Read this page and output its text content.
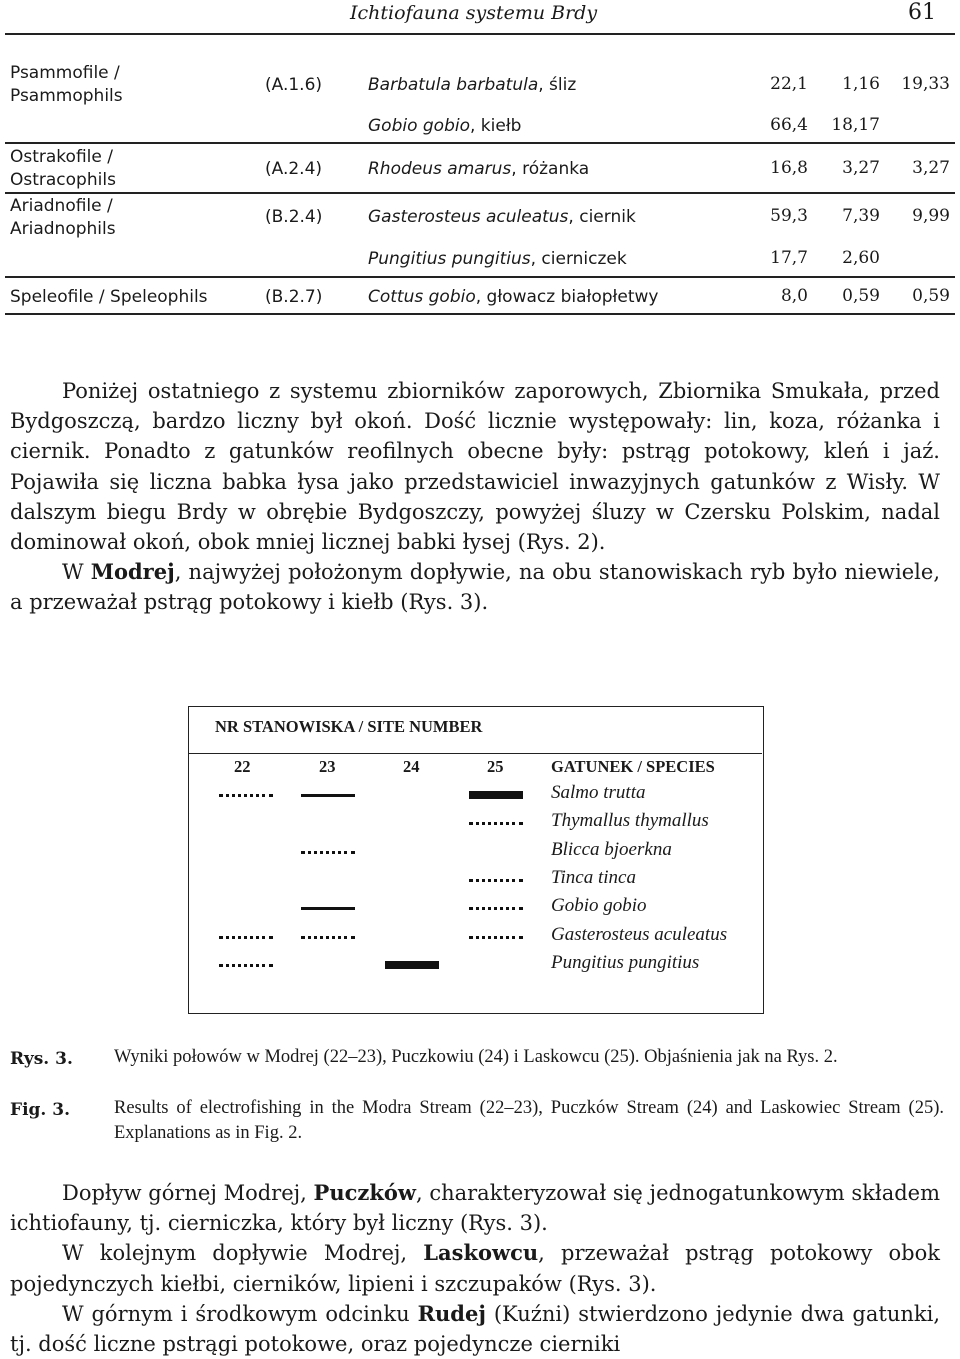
Ichtiofauna systemu Brdy	61
Psammofile /
Psammophils
(A.1.6)	Barbatula barbatula, śliz	22,1	1,16	19,33
Gobio gobio, kiełb	66,4	18,17
Ostrakofile /
Ostracophils
(A.2.4)	Rhodeus amarus, różanka	16,8	3,27	3,27
Ariadnofile /
Ariadnophils
(B.2.4)	Gasterosteus aculeatus, ciernik	59,3	7,39	9,99
Pungitius pungitius, cierniczek	17,7	2,60
Speleofile / Speleophils	(B.2.7)	Cottus gobio, głowacz białopłetwy	8,0	0,59	0,59

Poniżej ostatniego z systemu zbiorników zaporowych, Zbiornika Smukała, przed Bydgoszczą, bardzo liczny był okoń. Dość licznie występowały: lin, koza, różanka i ciernik. Ponadto z gatunków reofilnych obecne były: pstrąg potokowy, kleń i jaź. Pojawiła się liczna babka łysa jako przedstawiciel inwazyjnych gatunków z Wisły. W dalszym biegu Brdy w obrębie Bydgoszczy, powyżej śluzy w Czersku Polskim, nadal dominował okoń, obok mniej licznej babki łysej (Rys. 2).

W Modrej, najwyżej położonym dopływie, na obu stanowiskach ryb było niewiele, a przeważał pstrąg potokowy i kiełb (Rys. 3).

NR STANOWISKA / SITE NUMBER
22	23	24	25	GATUNEK / SPECIES
Salmo trutta
Thymallus thymallus
Blicca bjoerkna
Tinca tinca
Gobio gobio
Gasterosteus aculeatus
Pungitius pungitius
Rys. 3. Wyniki połowów w Modrej (22–23), Puczkowiu (24) i Laskowcu (25). Objaśnienia jak na Rys. 2.
Fig. 3. Results of electrofishing in the Modra Stream (22–23), Puczków Stream (24) and Laskowiec Stream (25). Explanations as in Fig. 2.

Dopływ górnej Modrej, Puczków, charakteryzował się jednogatunkowym składem ichtiofauny, tj. cierniczka, który był liczny (Rys. 3).

W kolejnym dopływie Modrej, Laskowcu, przeważał pstrąg potokowy obok pojedynczych kiełbi, cierników, lipieni i szczupaków (Rys. 3).

W górnym i środkowym odcinku Rudej (Kuźni) stwierdzono jedynie dwa gatunki, tj. dość liczne pstrągi potokowe, oraz pojedyncze cierniki
